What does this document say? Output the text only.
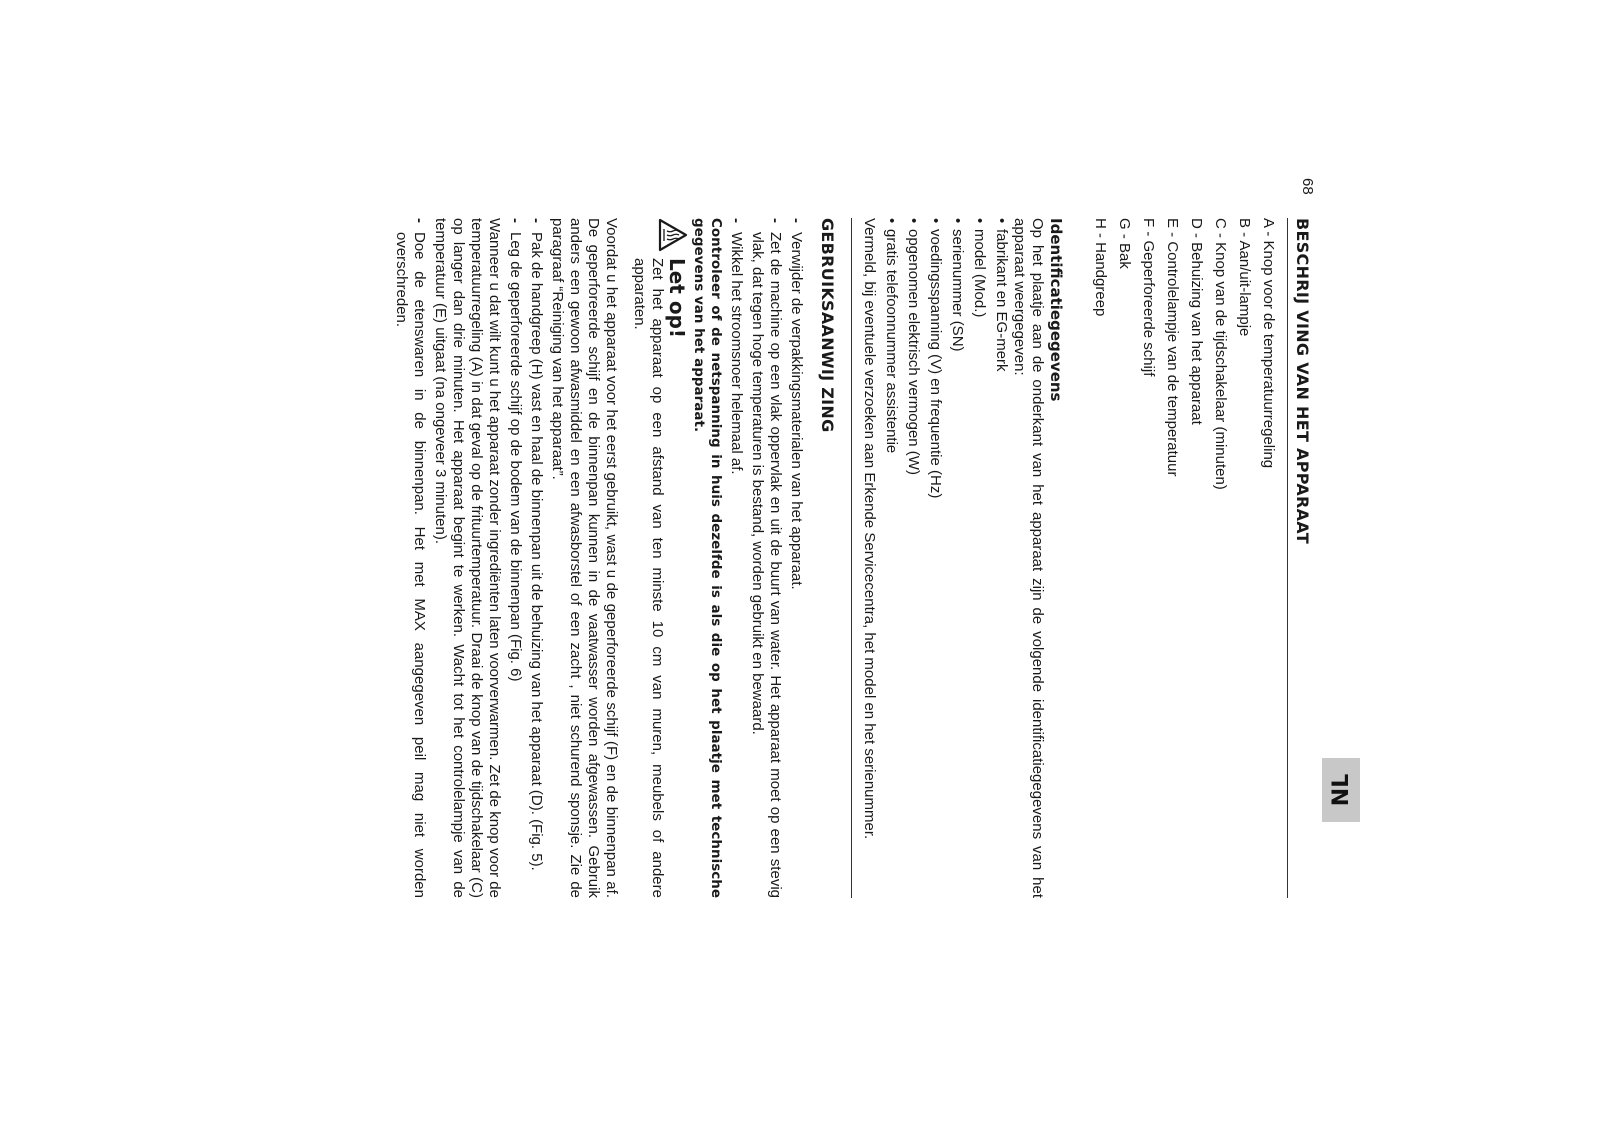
NL
68
BESCHRIJ VING VAN HET APPARAAT
A - Knop voor de temperatuurregeling
B - Aan/uit-lampje
C - Knop van de tijdschakelaar (minuten)
D - Behuizing van het apparaat
E - Controlelampje van de temperatuur
F - Geperforeerde schijf
G - Bak
H - Handgreep
Identificatiegegevens

Op het plaatje aan de onderkant van het apparaat zijn de volgende identificatiegegevens van het apparaat weergegeven:

• fabrikant en EG-merk
• model (Mod.)
• serienummer (SN)
• voedingsspanning (V) en frequentie (Hz)
• opgenomen elektrisch vermogen (W)
• gratis telefoonnummer assistentie

Vermeld, bij eventuele verzoeken aan Erkende Servicecentra, het model en het serienummer.

GEBRUIKSAANWIJ ZING
- Verwijder de verpakkingsmaterialen van het apparaat.
- Zet de machine op een vlak oppervlak en uit de buurt van water. Het apparaat moet op een stevig vlak, dat tegen hoge temperaturen is bestand, worden gebruikt en bewaard.
- Wikkel het stroomsnoer helemaal af.
Controleer of de netspanning in huis dezelfde is als die op het plaatje met technische gegevens van het apparaat.
Let op!

Zet het apparaat op een afstand van ten minste 10 cm van muren, meubels of andere apparaten.

Voordat u het apparaat voor het eerst gebruikt, wast u de geperforeerde schijf (F) en de binnenpan af. De geperforeerde schijf en de binnenpan kunnen in de vaatwasser worden afgewassen. Gebruik anders een gewoon afwasmiddel en een afwasborstel of een zacht , niet schurend sponsje. Zie de paragraaf “Reiniging van het apparaat”.

- Pak de handgreep (H) vast en haal de binnenpan uit de behuizing van het apparaat (D). (Fig. 5).
- Leg de geperforeerde schijf op de bodem van de binnenpan (Fig. 6)

Wanneer u dat wilt kunt u het apparaat zonder ingrediënten laten voorverwarmen. Zet de knop voor de temperatuurregeling (A) in dat geval op de frituurtemperatuur. Draai de knop van de tijdschakelaar (C) op langer dan drie minuten. Het apparaat begint te werken. Wacht tot het controlelampje van de temperatuur (E) uitgaat (na ongeveer 3 minuten).

- Doe de etenswaren in de binnenpan. Het met MAX aangegeven peil mag niet worden overschreden.
